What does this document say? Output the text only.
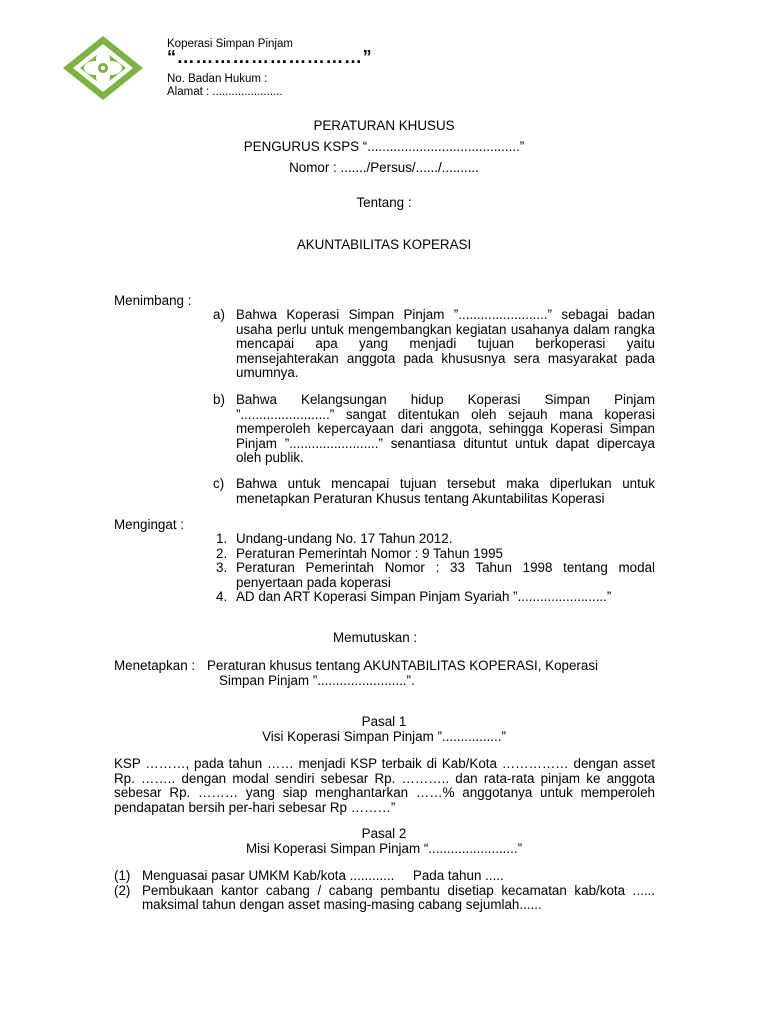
Koperasi Simpan Pinjam
“…………………………”
No. Badan Hukum :
Alamat : ......................
PERATURAN KHUSUS
PENGURUS KSPS “.........................................”
Nomor : ......./Persus/....../..........
Tentang :
AKUNTABILITAS KOPERASI
Menimbang :
a) Bahwa Koperasi Simpan Pinjam ”........................” sebagai badan usaha perlu untuk mengembangkan kegiatan usahanya dalam rangka mencapai apa yang menjadi tujuan berkoperasi yaitu mensejahterakan anggota pada khususnya sera masyarakat pada umumnya.
b) Bahwa Kelangsungan hidup Koperasi Simpan Pinjam ”........................” sangat ditentukan oleh sejauh mana koperasi memperoleh kepercayaan dari anggota, sehingga Koperasi Simpan Pinjam ”........................” senantiasa dituntut untuk dapat dipercaya oleh publik.
c) Bahwa untuk mencapai tujuan tersebut maka diperlukan untuk menetapkan Peraturan Khusus tentang Akuntabilitas Koperasi
Mengingat :
1. Undang-undang No. 17 Tahun 2012.
2. Peraturan Pemerintah Nomor : 9 Tahun 1995
3. Peraturan Pemerintah Nomor : 33 Tahun 1998 tentang modal penyertaan pada koperasi
4. AD dan ART Koperasi Simpan Pinjam Syariah ”........................”
Memutuskan :
Menetapkan : Peraturan khusus tentang AKUNTABILITAS KOPERASI, Koperasi
Simpan Pinjam ”........................”.
Pasal 1
Visi Koperasi Simpan Pinjam ”................”
KSP ………, pada tahun …… menjadi KSP terbaik di Kab/Kota …………… dengan asset Rp. …….. dengan modal sendiri sebesar Rp. ……….. dan rata-rata pinjam ke anggota sebesar Rp. ……… yang siap menghantarkan ……% anggotanya untuk memperoleh pendapatan bersih per-hari sebesar Rp ………”
Pasal 2
Misi Koperasi Simpan Pinjam “........................”
(1) Menguasai pasar UMKM Kab/kota ............     Pada tahun .....
(2) Pembukaan kantor cabang / cabang pembantu disetiap kecamatan kab/kota ...... maksimal tahun dengan asset masing-masing cabang sejumlah......
